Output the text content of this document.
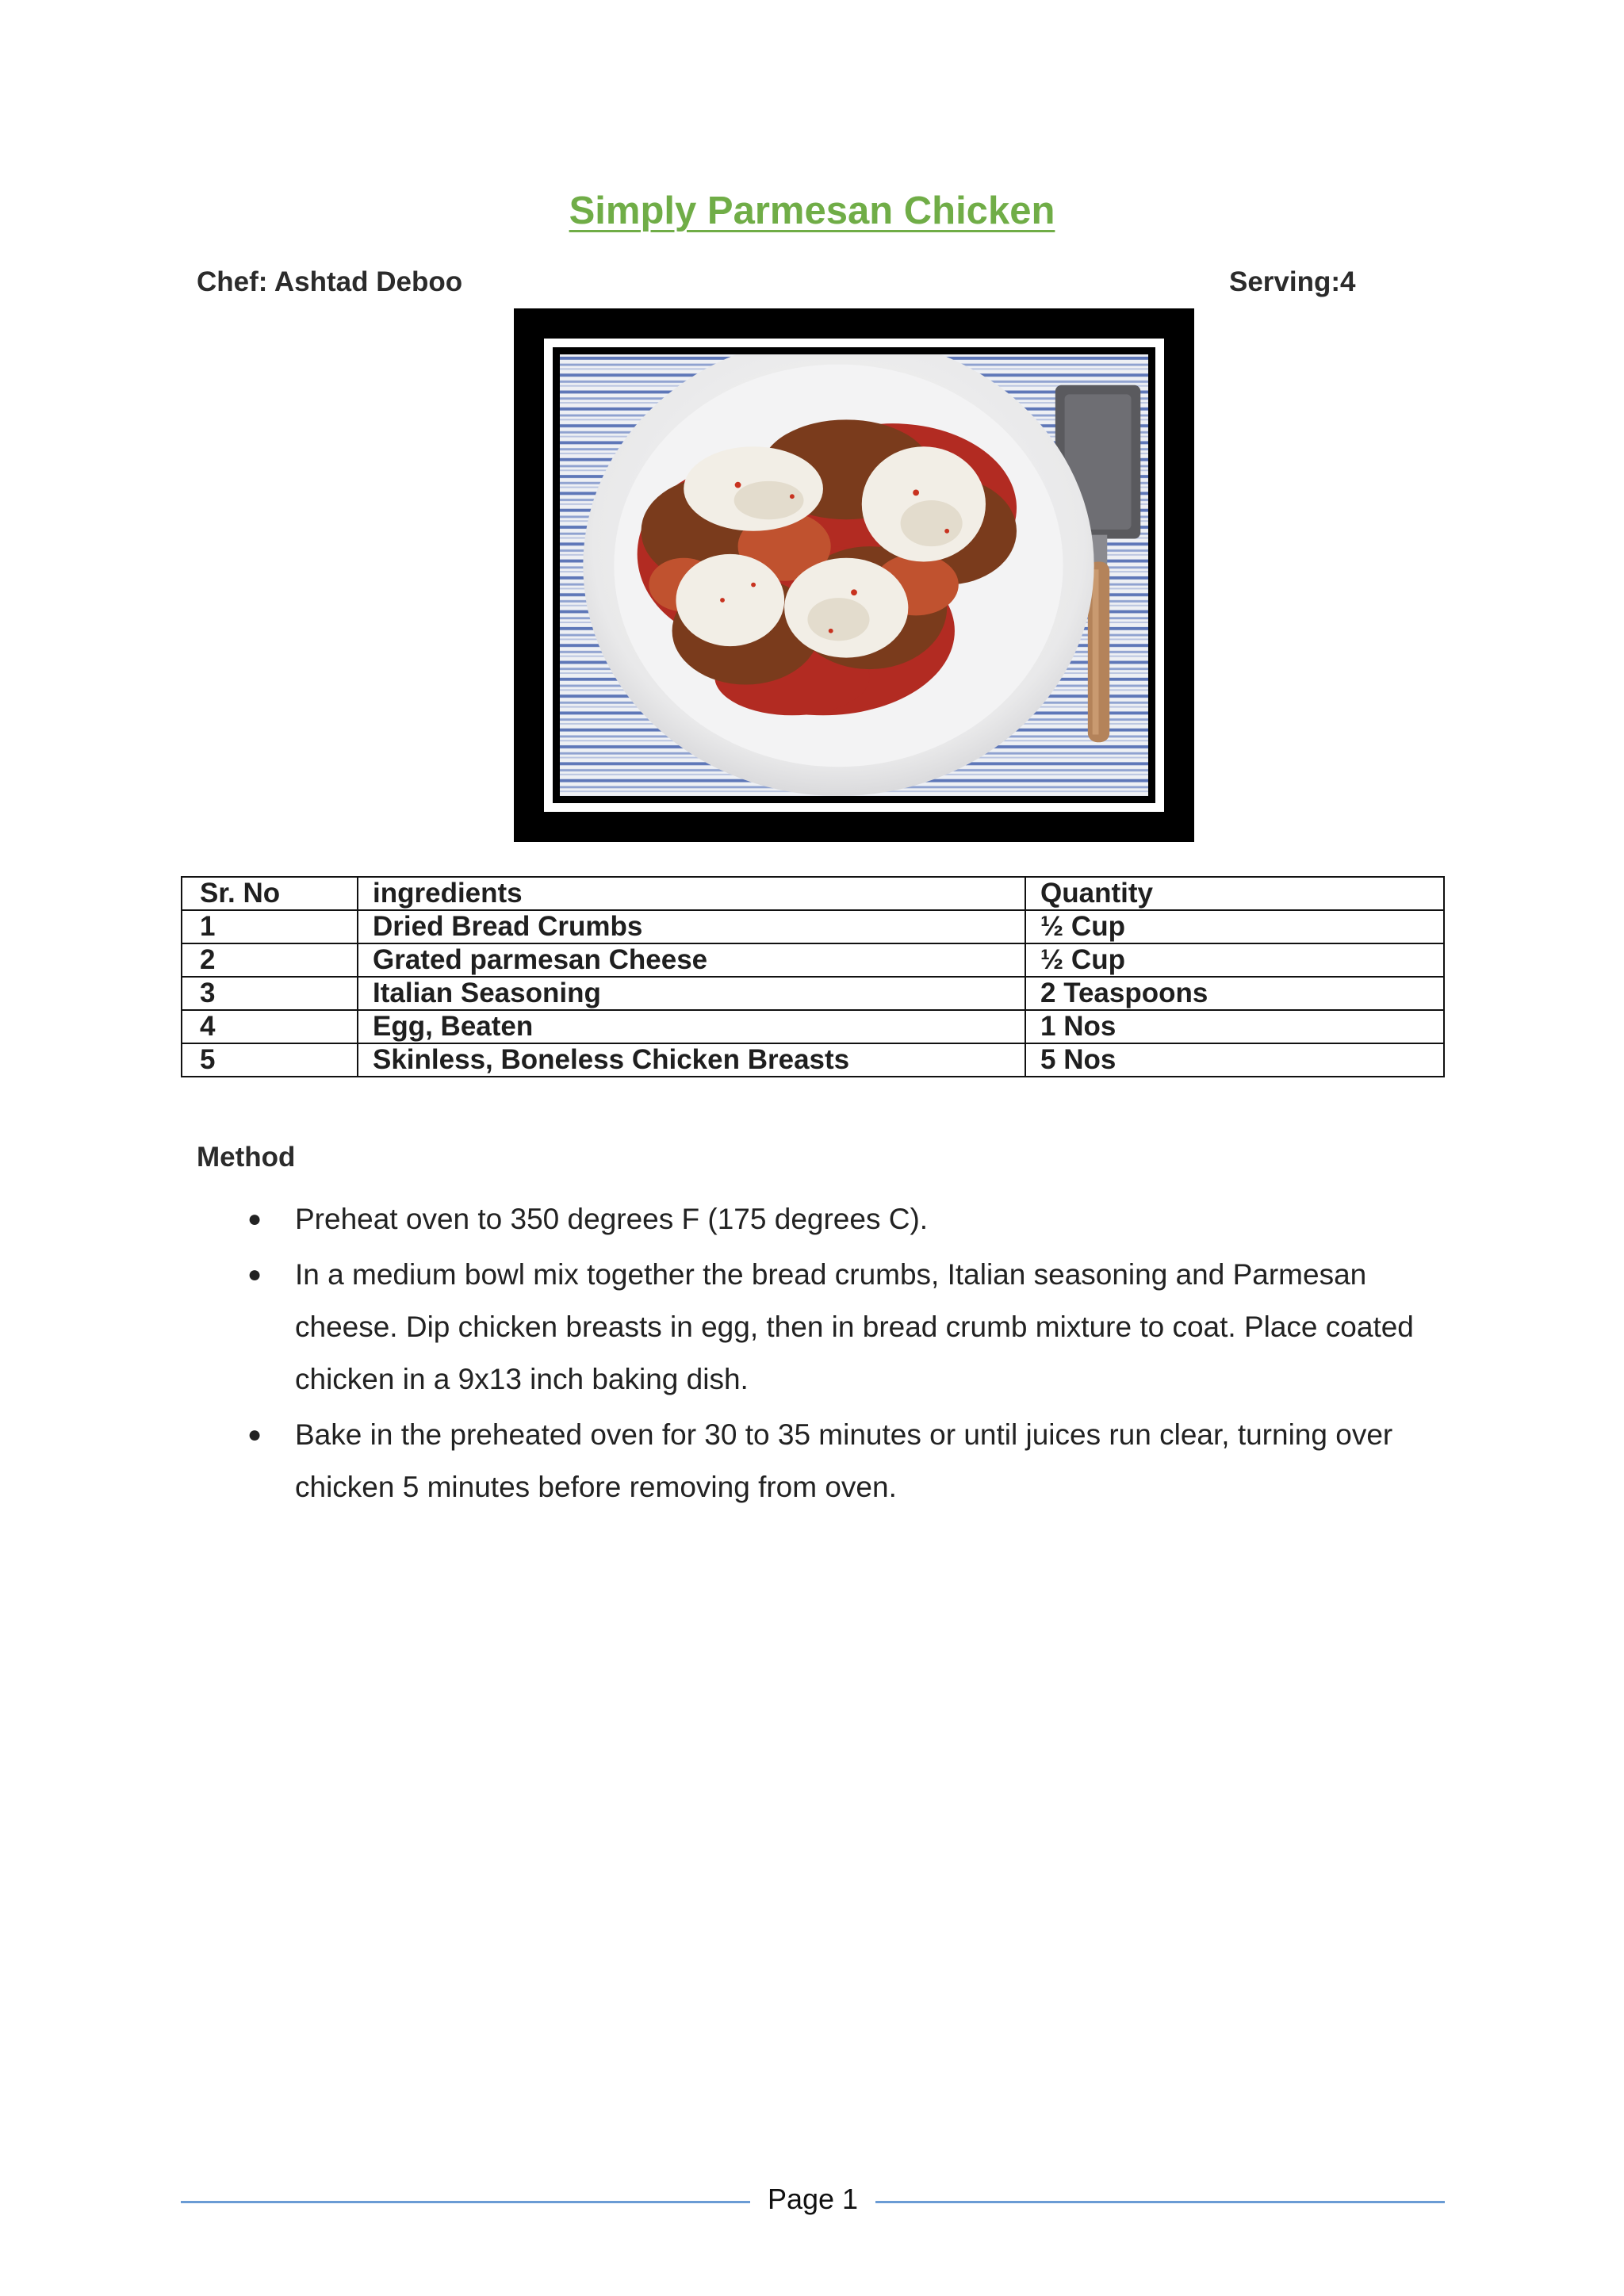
Simply Parmesan Chicken
Chef: Ashtad Deboo	Serving:4
Sr. No	ingredients	Quantity
1	Dried Bread Crumbs	½ Cup
2	Grated parmesan Cheese	½ Cup
3	Italian Seasoning	2 Teaspoons
4	Egg, Beaten	1 Nos
5	Skinless, Boneless Chicken Breasts	5 Nos
Method
● Preheat oven to 350 degrees F (175 degrees C).
● In a medium bowl mix together the bread crumbs, Italian seasoning and Parmesan cheese. Dip chicken breasts in egg, then in bread crumb mixture to coat. Place coated chicken in a 9x13 inch baking dish.
● Bake in the preheated oven for 30 to 35 minutes or until juices run clear, turning over chicken 5 minutes before removing from oven.
Page 1
